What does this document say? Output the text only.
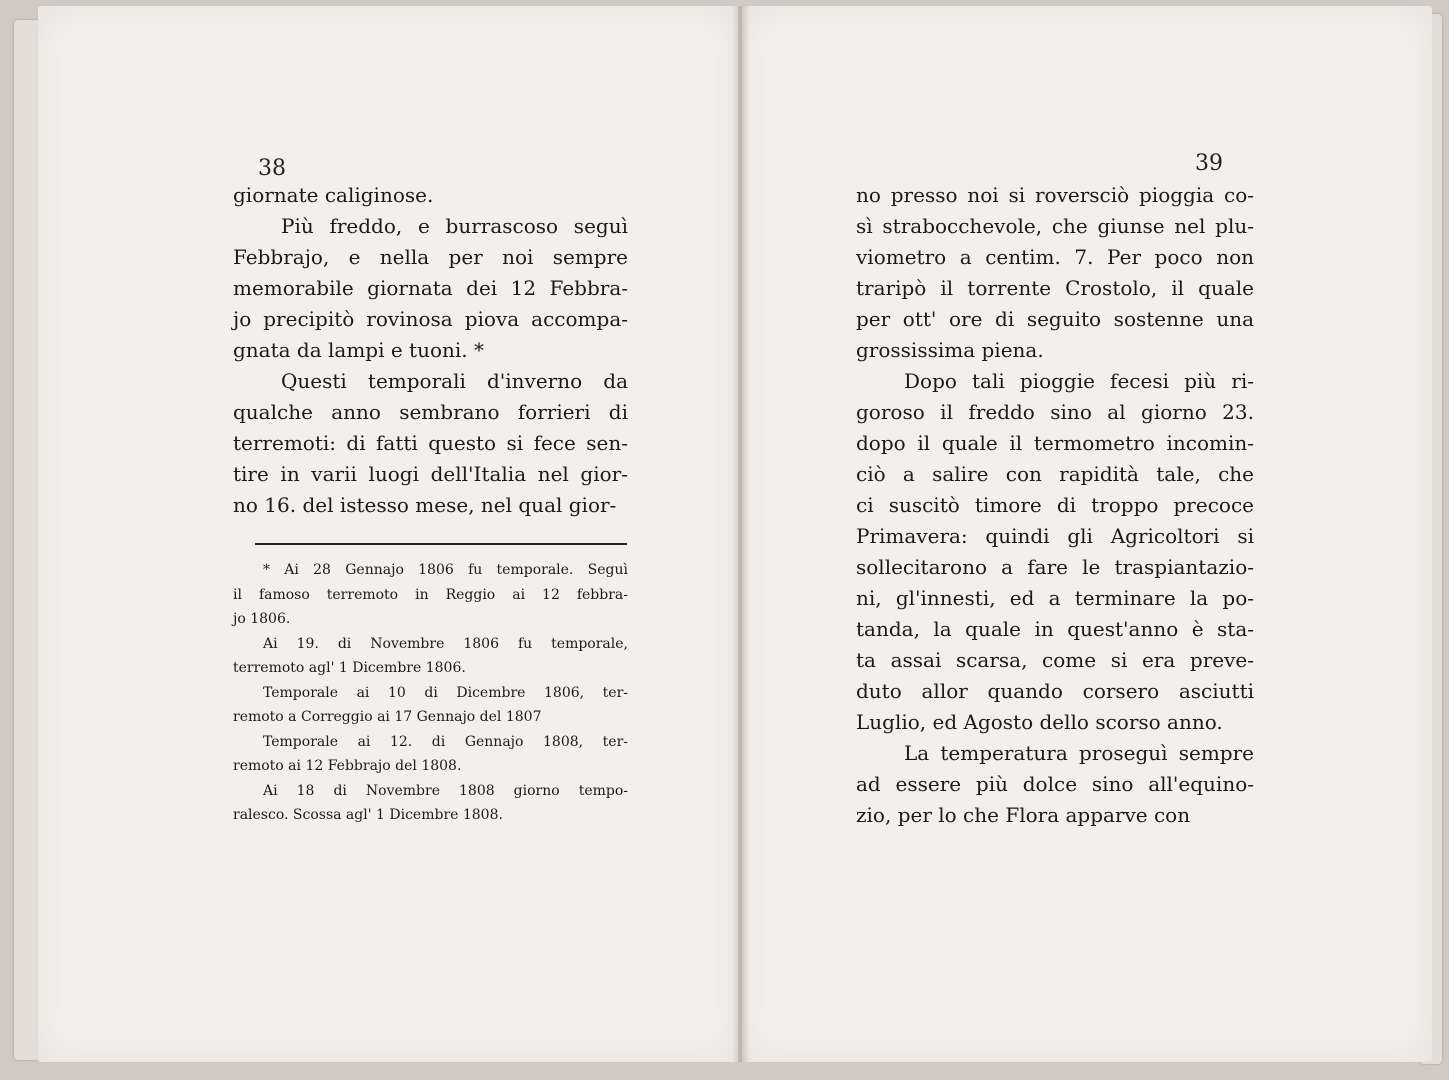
38	39

giornate caliginose.

Più freddo, e burrascoso seguì
Febbrajo, e nella per noi sempre
memorabile giornata dei 12 Febbra-
jo precipitò rovinosa piova accompa-
gnata da lampi e tuoni. *

Questi temporali d'inverno da
qualche anno sembrano forrieri di
terremoti: di fatti questo si fece sen-
tire in varii luogi dell'Italia nel gior-
no 16. del istesso mese, nel qual gior-

* Ai 28 Gennajo 1806 fu temporale. Seguì
il famoso terremoto in Reggio ai 12 febbra-
jo 1806.

Ai 19. di Novembre 1806 fu temporale,
terremoto agl' 1 Dicembre 1806.

Temporale ai 10 di Dicembre 1806, ter-
remoto a Correggio ai 17 Gennajo del 1807

Temporale ai 12. di Gennajo 1808, ter-
remoto ai 12 Febbrajo del 1808.

Ai 18 di Novembre 1808 giorno tempo-
ralesco. Scossa agl' 1 Dicembre 1808.

no presso noi si roversciò pioggia co-
sì strabocchevole, che giunse nel plu-
viometro a centim. 7. Per poco non
traripò il torrente Crostolo, il quale
per ott' ore di seguito sostenne una
grossissima piena.

Dopo tali pioggie fecesi più ri-
goroso il freddo sino al giorno 23.
dopo il quale il termometro incomin-
ciò a salire con rapidità tale, che
ci suscitò timore di troppo precoce
Primavera: quindi gli Agricoltori si
sollecitarono a fare le traspiantazio-
ni, gl'innesti, ed a terminare la po-
tanda, la quale in quest'anno è sta-
ta assai scarsa, come si era preve-
duto allor quando corsero asciutti
Luglio, ed Agosto dello scorso anno.

La temperatura proseguì sempre
ad essere più dolce sino all'equino-
zio, per lo che Flora apparve con
